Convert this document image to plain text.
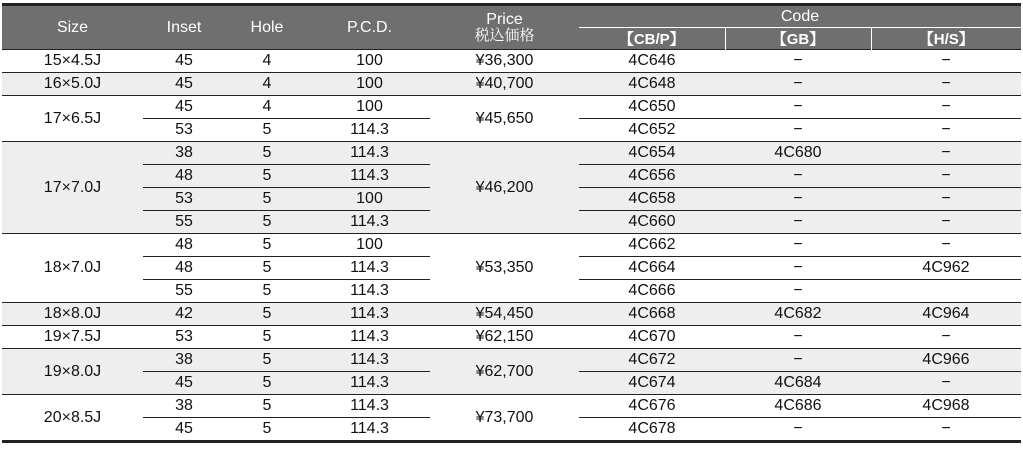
Size	Inset	Hole	P.C.D.	Price
税込価格	Code		
					【CB/P】	【GB】	【H/S】
15×4.5J	45	4	100	¥36,300	4C646	−	−
16×5.0J	45	4	100	¥40,700	4C648	−	−
17×6.5J	45	4	100	¥45,650	4C650	−	−
	53	5	114.3		4C652	−	−
17×7.0J	38	5	114.3	¥46,200	4C654	4C680	−
	48	5	114.3		4C656	−	−
	53	5	100		4C658	−	−
	55	5	114.3		4C660	−	−
18×7.0J	48	5	100	¥53,350	4C662	−	−
	48	5	114.3		4C664	−	4C962
	55	5	114.3		4C666	−	
18×8.0J	42	5	114.3	¥54,450	4C668	4C682	4C964
19×7.5J	53	5	114.3	¥62,150	4C670	−	−
19×8.0J	38	5	114.3	¥62,700	4C672	−	4C966
	45	5	114.3		4C674	4C684	−
20×8.5J	38	5	114.3	¥73,700	4C676	4C686	4C968
	45	5	114.3		4C678	−	−
